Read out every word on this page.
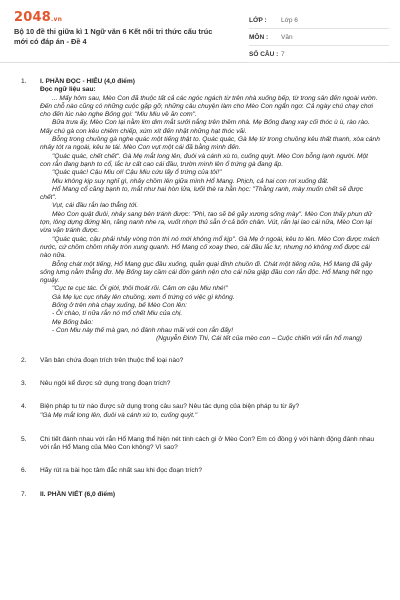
2048.vn
Bộ 10 đề thi giữa kì 1 Ngữ văn 6 Kết nối tri thức cấu trúc mới có đáp án - Đề 4
LỚP :	Lớp 6
MÔN :	Văn
SỐ CÂU : 7
1. I. PHẦN ĐỌC - HIỂU (4,0 điểm)
Đọc ngữ liệu sau:

... Mấy hôm sau, Mèo Con đã thuộc tất cả các ngóc ngách từ trên nhà xuống bếp, từ trong sân đến ngoài vườn. Đến chỗ nào cũng có những cuộc gặp gỡ, những câu chuyện làm cho Mèo Con ngẩn ngơ. Cả ngày chú chạy chơi cho đến lúc nào nghe Bống gọi: "Miu Miu về ăn cơm".

Bữa trưa ấy, Mèo Con lại nằm lim dim mắt sưởi nắng trên thềm nhà. Mẹ Bống đang xay cối thóc ù ù, rào rào. Mấy chú gà con kêu chiêm chiếp, xúm xít đến nhặt những hạt thóc vãi.

Bỗng trong chuồng gà nghe quác một tiếng thật to. Quác quác, Gà Mẹ từ trong chuồng kêu thất thanh, xòa cánh nhảy tót ra ngoài, kêu te tái. Mèo Con vụt một cái đã bằng mình đến.

"Quác quác, chết chết". Gà Mẹ mắt long lên, đuôi và cánh xù to, cuống quýt. Mèo Con bỗng lạnh người. Một con rắn đang bạnh to cổ, lắc lư cất cao cái đầu, trườn mình lên ổ trứng gà đang ấp.

"Quác quác! Cậu Miu ơi! Cậu Miu cứu lấy ổ trứng của tôi!"

Miu không kịp suy nghĩ gì, nhảy chồm lên giữa mình Hổ Mang. Phịch, cả hai con rơi xuống đất.

Hổ Mang cổ căng bạnh to, mắt như hai hòn lửa, lưỡi thè ra hằn học: "Thằng ranh, mày muốn chết sẽ được chết".

Vụt, cái đầu rắn lao thẳng tới.

Mèo Con quật đuôi, nhảy sang bên tránh được: "Phì, tao sẽ bẻ gãy xương sống mày". Mèo Con thấy phun dữ tợn, lông dựng đứng lên, răng nanh nhe ra, vuốt nhọn thủ sẵn ở cả bốn chân. Vút, rắn lại lao cái nữa, Mèo Con lại vừa vặn tránh được.

"Quác quác, cậu phải nhảy vòng tròn thì nó mới không mổ kịp". Gà Mẹ ở ngoài, kêu to lên. Mèo Con được mách nước, cứ chồm chồm nhảy tròn xung quanh. Hổ Mang cố xoay theo, cái đầu lắc lư, nhưng nó không mổ được cái nào nữa.

Bỗng chát một tiếng, Hổ Mang gục đầu xuống, quằn quại đinh chuồn đi. Chát một tiếng nữa, Hổ Mang đã gãy sống lưng nằm thẳng đơ. Mẹ Bống tay cầm cái đòn gánh nện cho cái nữa giập đầu con rắn độc. Hổ Mang hết ngọ nguậy.

"Cục te cục tác. Ôi giời, thôi thoát rồi. Cảm ơn cậu Miu nhé!"

Gà Mẹ lục cục nhảy lên chuồng, xem ổ trứng có việc gì không.

Bống ở trên nhà chạy xuống, bế Mèo Con lên:

- Ôi chào, tí nữa rắn nó mổ chết Miu của chị.

Mẹ Bống bảo:

- Con Miu này thế mà gan, nó đánh nhau mãi với con rắn đấy!

(Nguyễn Đình Thi, Cái tết của mèo con – Cuộc chiến với rắn hổ mang)
2. Văn bản chứa đoạn trích trên thuộc thể loại nào?
3. Nêu ngôi kể được sử dụng trong đoạn trích?
4. Biện pháp tu từ nào được sử dụng trong câu sau? Nêu tác dụng của biện pháp tu từ ấy?
"Gà Mẹ mắt long lên, đuôi và cánh xù to, cuống quýt."
5. Chi tiết đánh nhau với rắn Hổ Mang thể hiện nét tính cách gì ở Mèo Con? Em có đồng ý với hành động đánh nhau với rắn Hổ Mang của Mèo Con không? Vì sao?
6. Hãy rút ra bài học tâm đắc nhất sau khi đọc đoạn trích?
7. II. PHẦN VIẾT (6,0 điểm)
